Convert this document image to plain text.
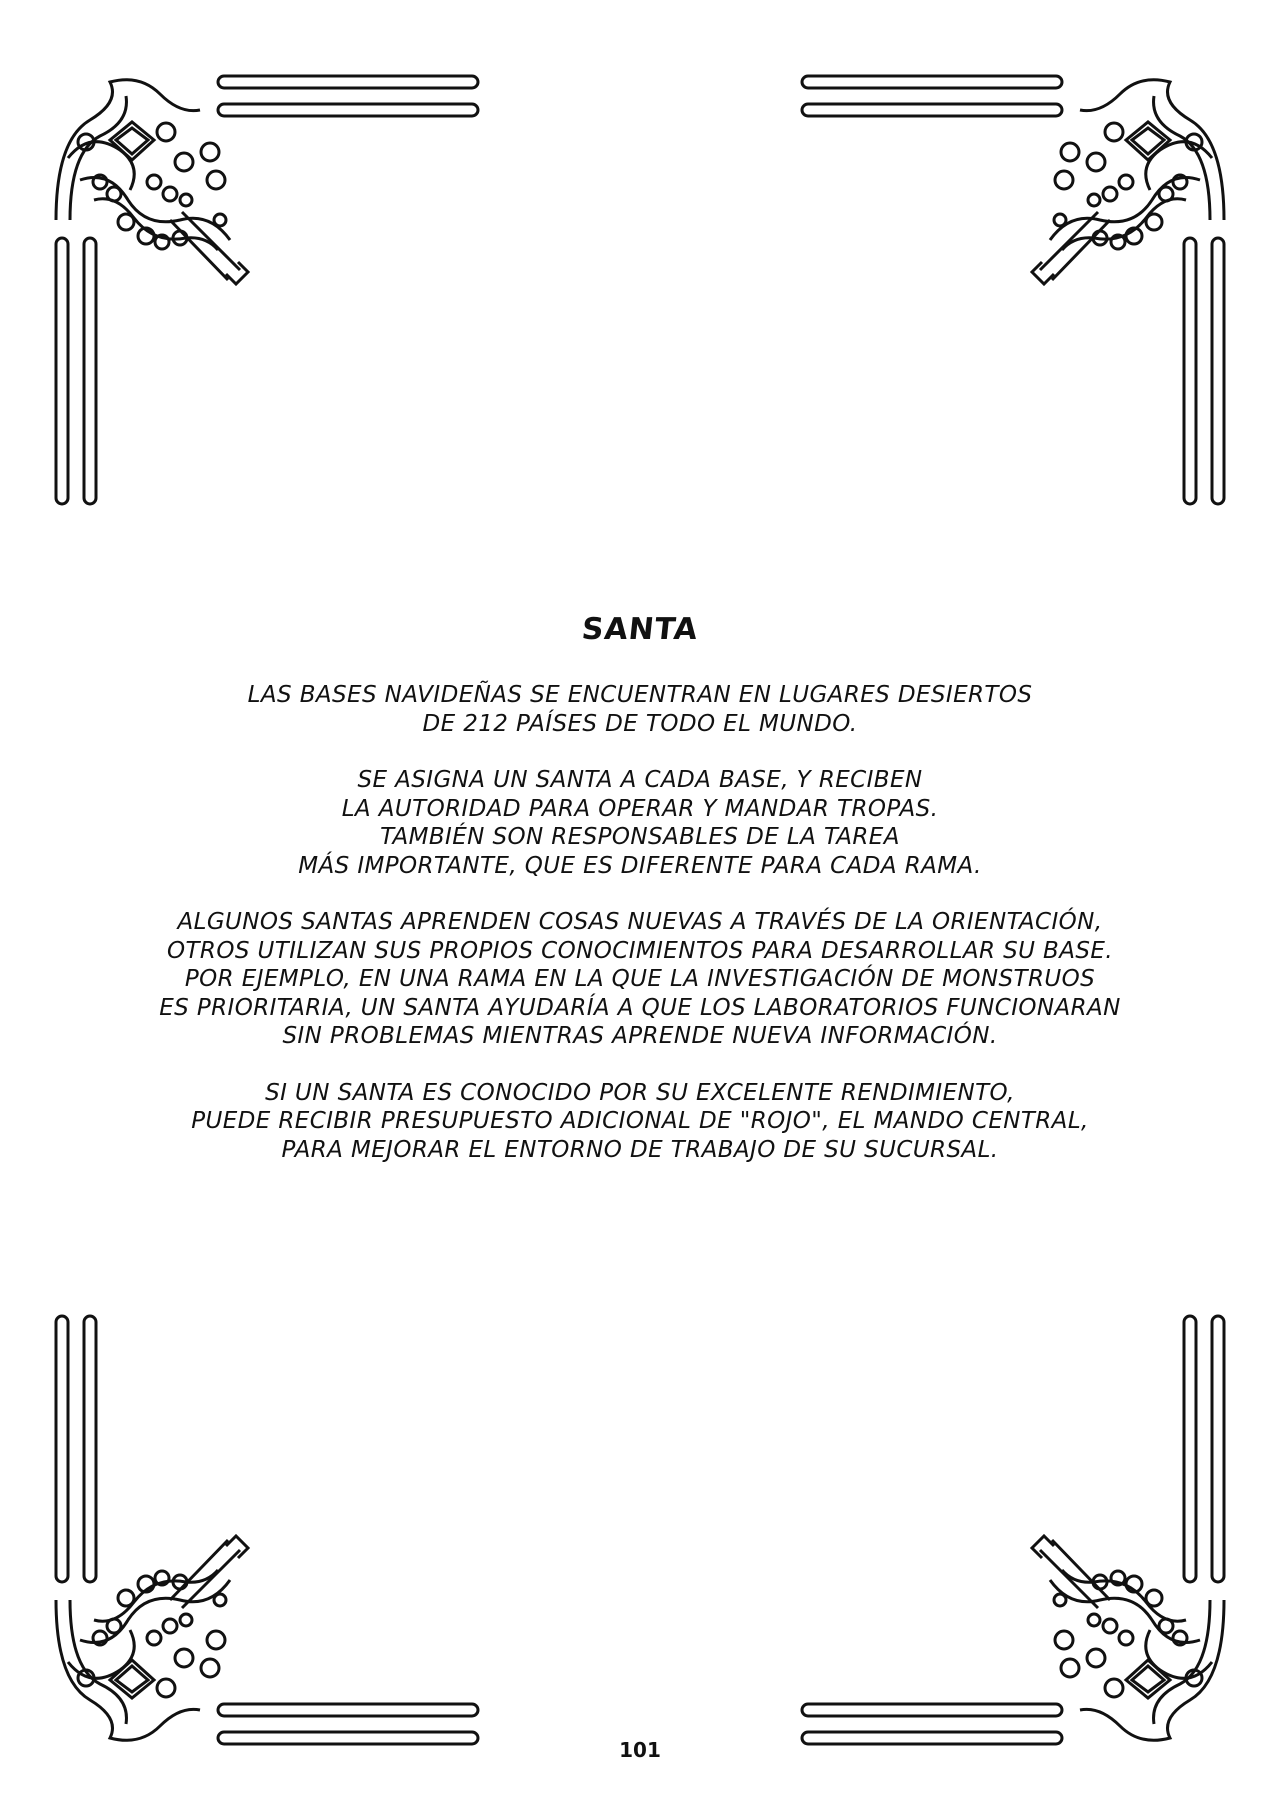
SANTA
LAS BASES NAVIDEÑAS SE ENCUENTRAN EN LUGARES DESIERTOS
DE 212 PAÍSES DE TODO EL MUNDO.
SE ASIGNA UN SANTA A CADA BASE, Y RECIBEN
LA AUTORIDAD PARA OPERAR Y MANDAR TROPAS.
TAMBIÉN SON RESPONSABLES DE LA TAREA
MÁS IMPORTANTE, QUE ES DIFERENTE PARA CADA RAMA.
ALGUNOS SANTAS APRENDEN COSAS NUEVAS A TRAVÉS DE LA ORIENTACIÓN,
OTROS UTILIZAN SUS PROPIOS CONOCIMIENTOS PARA DESARROLLAR SU BASE.
POR EJEMPLO, EN UNA RAMA EN LA QUE LA INVESTIGACIÓN DE MONSTRUOS
ES PRIORITARIA, UN SANTA AYUDARÍA A QUE LOS LABORATORIOS FUNCIONARAN
SIN PROBLEMAS MIENTRAS APRENDE NUEVA INFORMACIÓN.
SI UN SANTA ES CONOCIDO POR SU EXCELENTE RENDIMIENTO,
PUEDE RECIBIR PRESUPUESTO ADICIONAL DE "ROJO", EL MANDO CENTRAL,
PARA MEJORAR EL ENTORNO DE TRABAJO DE SU SUCURSAL.
101
